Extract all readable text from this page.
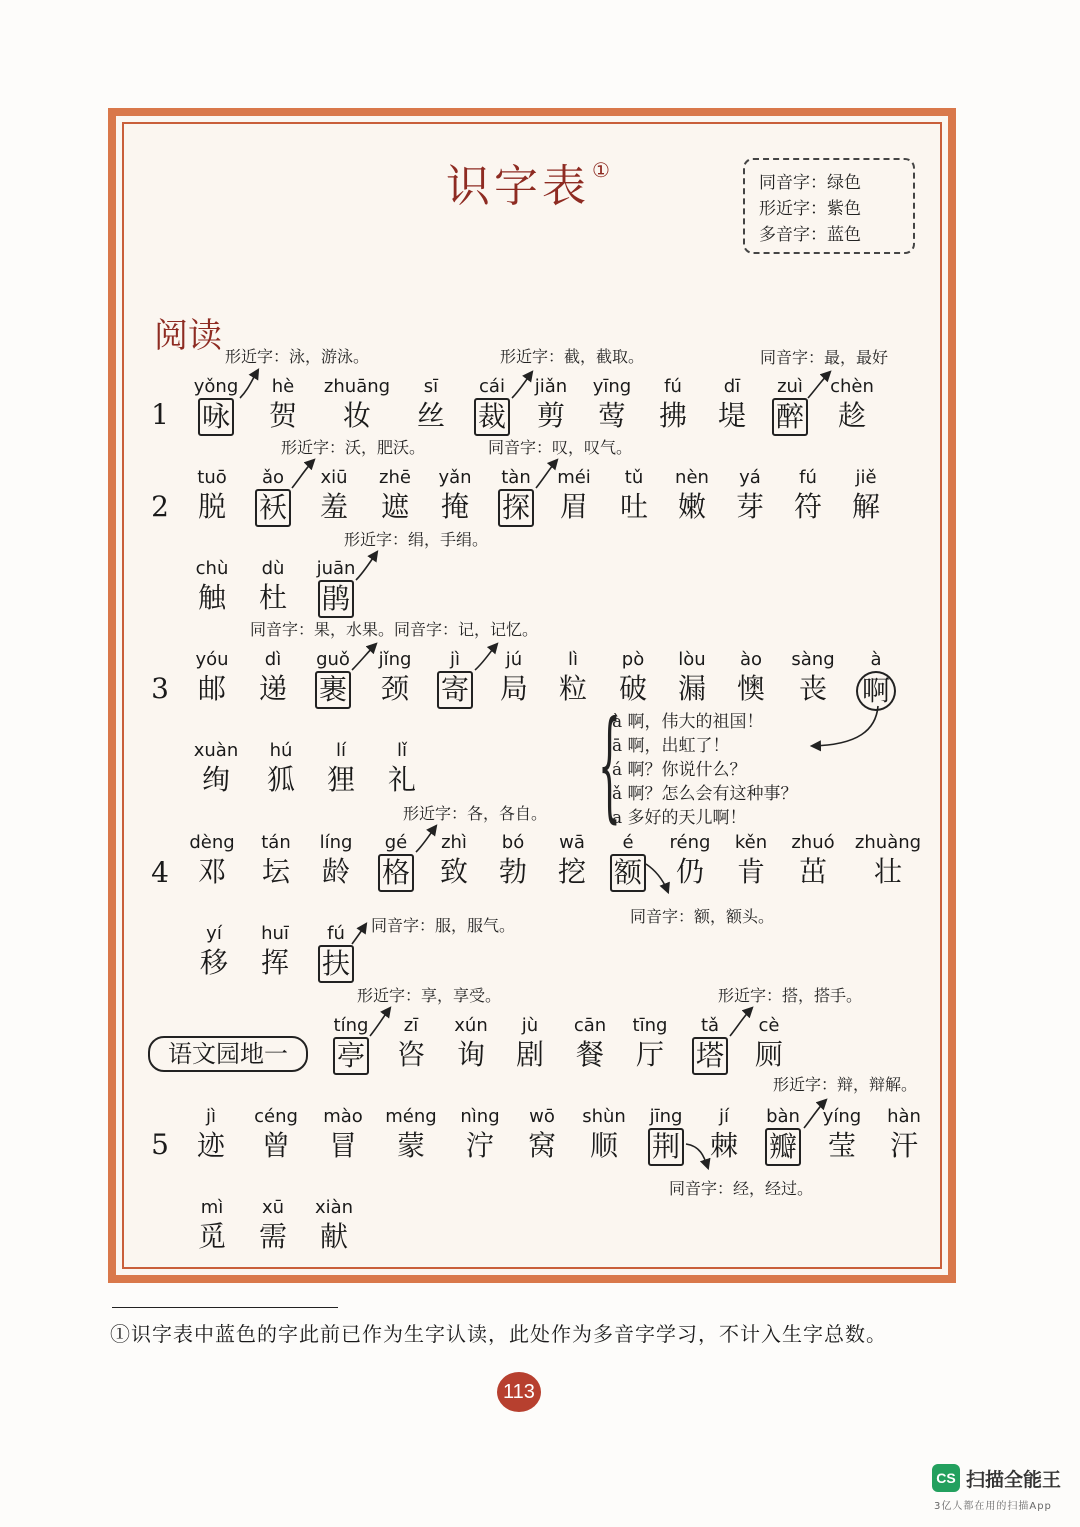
识字表 ①
同音字：绿色
形近字：紫色
多音字：蓝色
阅读
1
2
3
4
5
语文园地一
yǒng hè zhuāng sī cái jiǎn yīng fú dī zuì chèn
咏 贺 妆 丝 裁 剪 莺 拂 堤 醉 趁
tuō ǎo xiū zhē yǎn tàn méi tǔ nèn yá fú jiě
脱 袄 羞 遮 掩 探 眉 吐 嫩 芽 符 解
chù dù juān
触 杜 鹃
yóu dì guǒ jǐng jì	jú	lì pò lòu ào sàng à
邮 递 裹 颈 寄 局 粒 破 漏 懊 丧 啊
xuàn hú lí	lǐ
绚 狐 狸 礼 {
à 啊，伟大的祖国！
ā 啊，出虹了！
á 啊？你说什么？
ǎ 啊？怎么会有这种事？
a 多好的天儿啊！
dèng tán líng gé zhì bó wā é réng kěn zhuó zhuàng
邓 坛 龄 格 致 勃 挖 额 仍 肯 茁 壮
yí huī fú
移 挥 扶
tíng zī xún jù cān tīng tǎ cè
亭 咨 询 剧 餐 厅 塔 厕
jì céng mào méng nìng wō shùn jīng jí bàn yíng hàn
迹 曾 冒 蒙 泞 窝 顺 荆 棘 瓣 莹 汗
mì xū xiàn
觅 需 献
形近字：泳，游泳。	形近字：截，截取。	同音字：最，最好
形近字：沃，肥沃。	同音字：叹，叹气。
形近字：绢，手绢。
同音字：果，水果。同音字：记，记忆。
形近字：各，各自。
同音字：服，服气。	同音字：额，额头。
形近字：享，享受。	形近字：搭，搭手。
形近字：辩，辩解。
同音字：经，经过。
①识字表中蓝色的字此前已作为生字认读，此处作为多音字学习，不计入生字总数。
113
CS 扫描全能王
3亿人都在用的扫描App
